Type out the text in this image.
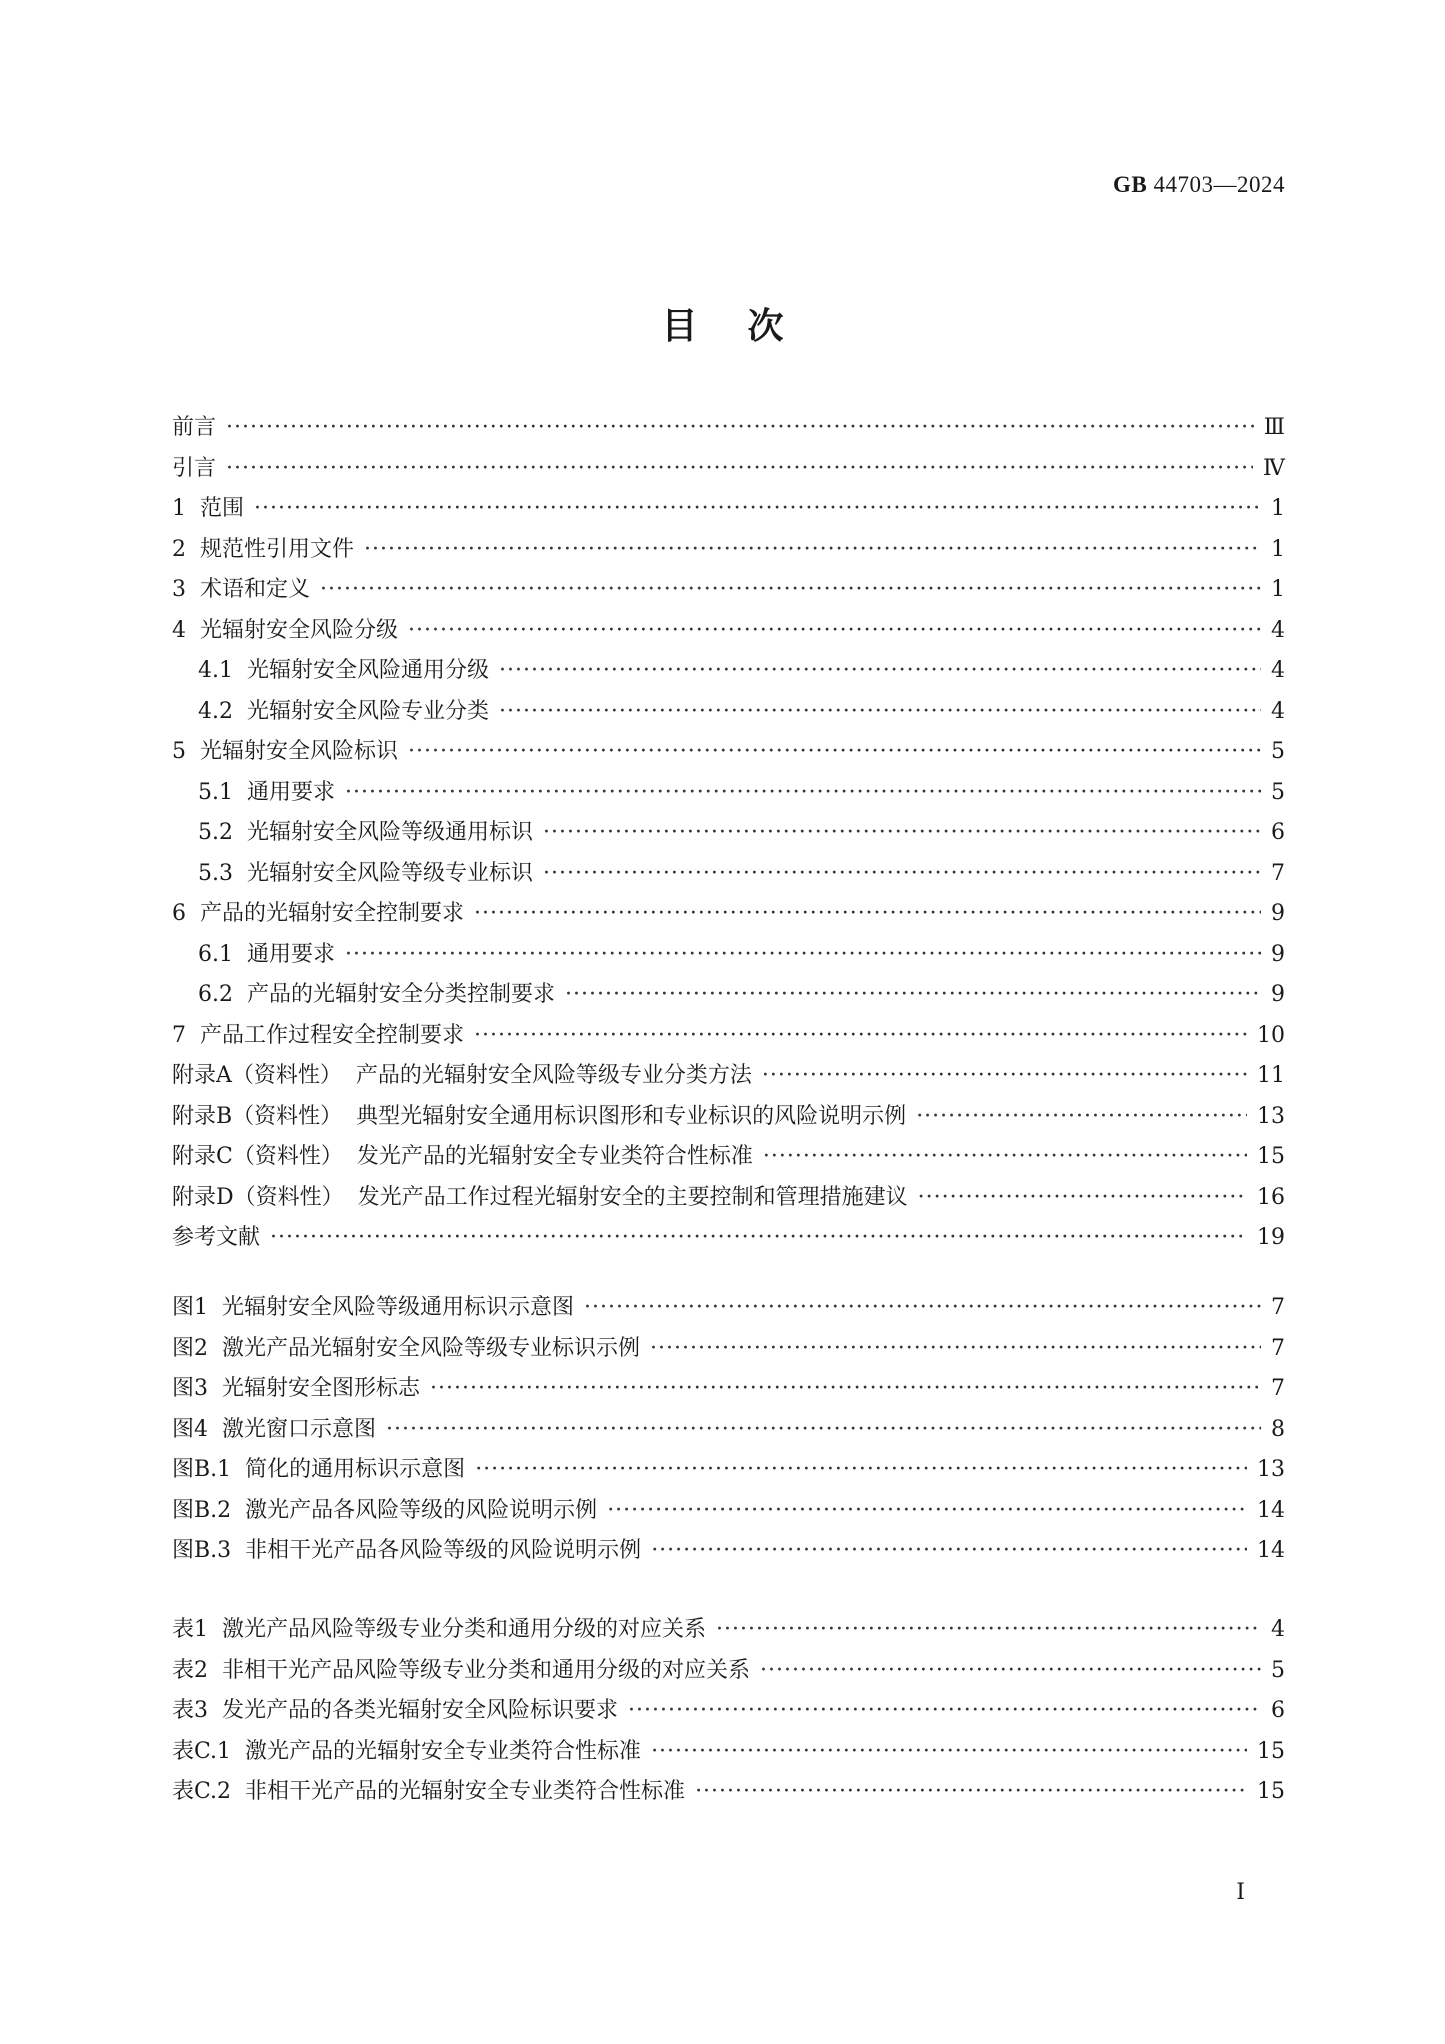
GB 44703—2024
目次
前言 ·····	Ⅲ
引言 ·····	Ⅳ
1 范围 ·····	1
2 规范性引用文件 ·····	1
3 术语和定义 ·····	1
4 光辐射安全风险分级 ·····	4
4.1 光辐射安全风险通用分级 ·····	4
4.2 光辐射安全风险专业分类 ·····	4
5 光辐射安全风险标识 ·····	5
5.1 通用要求 ·····	5
5.2 光辐射安全风险等级通用标识 ·····	6
5.3 光辐射安全风险等级专业标识 ·····	7
6 产品的光辐射安全控制要求 ·····	9
6.1 通用要求 ·····	9
6.2 产品的光辐射安全分类控制要求 ·····	9
7 产品工作过程安全控制要求 ·····	10
附录A（资料性） 产品的光辐射安全风险等级专业分类方法 ·····	11
附录B（资料性） 典型光辐射安全通用标识图形和专业标识的风险说明示例 ·····	13
附录C（资料性） 发光产品的光辐射安全专业类符合性标准 ·····	15
附录D（资料性） 发光产品工作过程光辐射安全的主要控制和管理措施建议 ·····	16
参考文献 ·····	19
图1 光辐射安全风险等级通用标识示意图 ·····	7
图2 激光产品光辐射安全风险等级专业标识示例 ·····	7
图3 光辐射安全图形标志 ·····	7
图4 激光窗口示意图 ·····	8
图B.1 简化的通用标识示意图 ·····	13
图B.2 激光产品各风险等级的风险说明示例 ·····	14
图B.3 非相干光产品各风险等级的风险说明示例 ·····	14
表1 激光产品风险等级专业分类和通用分级的对应关系 ·····	4
表2 非相干光产品风险等级专业分类和通用分级的对应关系 ·····	5
表3 发光产品的各类光辐射安全风险标识要求 ·····	6
表C.1 激光产品的光辐射安全专业类符合性标准 ·····	15
表C.2 非相干光产品的光辐射安全专业类符合性标准 ·····	15
I
